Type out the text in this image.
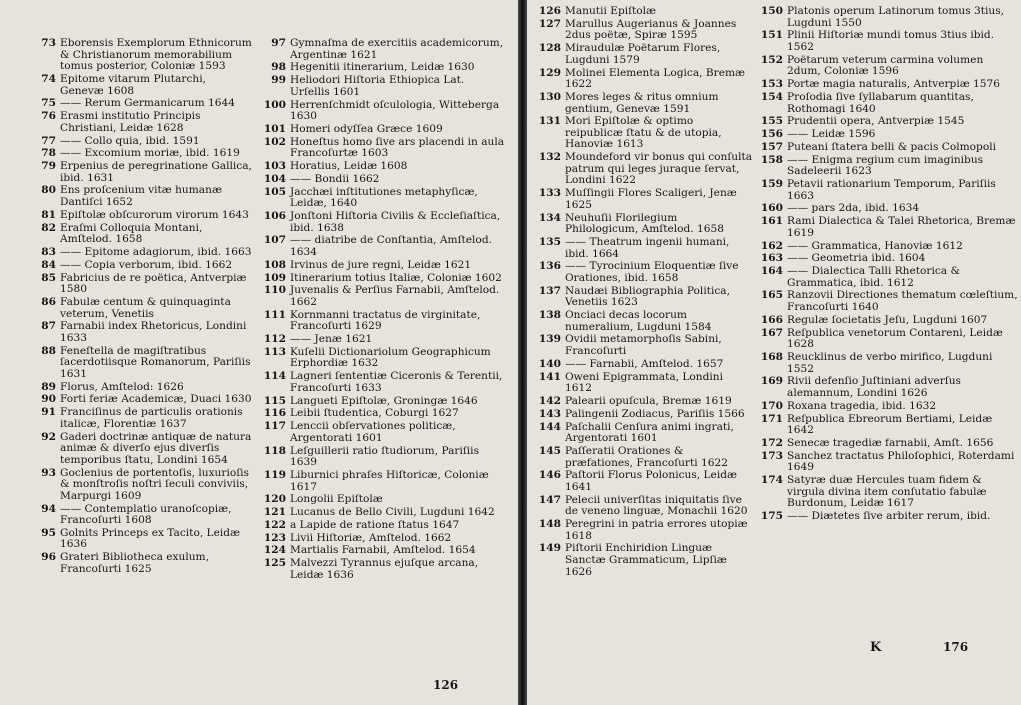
73 Eborensis Exemplorum Ethnicorum & Christianorum memorabilium tomus posterior, Coloniæ 1593
74 Epitome vitarum Plutarchi, Genevæ 1608
75 —— Rerum Germanicarum 1644
76 Erasmi institutio Principis Christiani, Leidæ 1628
77 —— Collo quia, ibid. 1591
78 —— Excomium moriæ, ibid. 1619
79 Erpenius de peregrinatione Gallica, ibid. 1631
80 Ens proſcenium vitæ humanæ Dantiſci 1652
81 Epiſtolæ obſcurorum virorum 1643
82 Eraſmi Colloquia Montani, Amſtelod. 1658
83 —— Epitome adagiorum, ibid. 1663
84 —— Copia verborum, ibid. 1662
85 Fabricius de re poëtica, Antverpiæ 1580
86 Fabulæ centum & quinquaginta veterum, Venetiis
87 Farnabii index Rhetoricus, Londini 1633
88 Feneſtella de magiſtratibus ſacerdotiisque Romanorum, Pariſiis 1631
89 Florus, Amſtelod: 1626
90 Forti feriæ Academicæ, Duaci 1630
91 Franciſinus de particulis orationis italicæ, Florentiæ 1637
92 Gaderi doctrinæ antiquæ de natura animæ & diverſo ejus diverſis temporibus ſtatu, Londini 1654
93 Goclenius de portentoſis, luxurioſis & monſtroſis noſtri ſeculi conviviis, Marpurgi 1609
94 —— Contemplatio uranoſcopiæ, Francoſurti 1608
95 Golnits Princeps ex Tacito, Leidæ 1636
96 Grateri Bibliotheca exulum, Francoſurti 1625
97 Gymnaſma de exercitiis academicorum, Argentinæ 1621
98 Hegenitii itinerarium, Leidæ 1630
99 Heliodori Hiſtoria Ethiopica Lat. Urſellis 1601
100 Herrenſchmidt oſculologia, Witteberga 1630
101 Homeri odyſſea Græce 1609
102 Honeſtus homo ſive ars placendi in aula Francoſurtæ 1603
103 Horatius, Leidæ 1608
104 —— Bondii 1662
105 Jacchæi inſtitutiones metaphyſicæ, Leidæ, 1640
106 Jonſtoni Hiſtoria Civilis & Eccleſiaſtica, ibid. 1638
107 —— diatribe de Conſtantia, Amſtelod. 1634
108 Irvinus de jure regni, Leidæ 1621
109 Itinerarium totius Italiæ, Coloniæ 1602
110 Juvenalis & Perſius Farnabii, Amſtelod. 1662
111 Kornmanni tractatus de virginitate, Francoſurti 1629
112 —— Jenæ 1621
113 Kuſelii Dictionariolum Geographicum Erphordiæ 1632
114 Lagneri ſententiæ Ciceronis & Terentii, Francoſurti 1633
115 Langueti Epiſtolæ, Groningæ 1646
116 Leibii ſtudentica, Coburgi 1627
117 Lenccii obſervationes politicæ, Argentorati 1601
118 Leſguillerii ratio ſtudiorum, Pariſiis 1639
119 Liburnici phraſes Hiſtoricæ, Coloniæ 1617
120 Longolii Epiſtolæ
121 Lucanus de Bello Civili, Lugduni 1642
122 a Lapide de ratione ſtatus 1647
123 Livii Hiſtoriæ, Amſtelod. 1662
124 Martialis Farnabii, Amſtelod. 1654
125 Malvezzi Tyrannus ejuſque arcana, Leidæ 1636
126
126 Manutii Epiſtolæ
127 Marullus Augerianus & Joannes 2dus poëtæ, Spiræ 1595
128 Miraudulæ Poëtarum Flores, Lugduni 1579
129 Molinei Elementa Logica, Bremæ 1622
130 Mores leges & ritus omnium gentium, Genevæ 1591
131 Mori Epiſtolæ & optimo reipublicæ ſtatu & de utopia, Hanoviæ 1613
132 Moundeford vir bonus qui conſulta patrum qui leges juraque ſervat, Londini 1622
133 Muſſingii Flores Scaligeri, Jenæ 1625
134 Neuhuſii Florilegium Philologicum, Amſtelod. 1658
135 —— Theatrum ingenii humani, ibid. 1664
136 —— Tyrocinium Eloquentiæ ſive Orationes, ibid. 1658
137 Naudæi Bibliographia Politica, Venetiis 1623
138 Onciaci decas locorum numeralium, Lugduni 1584
139 Ovidii metamorphoſis Sabini, Francoſurti
140 —— Farnabii, Amſtelod. 1657
141 Oweni Epigrammata, Londini 1612
142 Palearii opuſcula, Bremæ 1619
143 Palingenii Zodiacus, Pariſiis 1566
144 Paſchalii Cenſura animi ingrati, Argentorati 1601
145 Paſſeratii Orationes & præfationes, Francoſurti 1622
146 Paſtorii Florus Polonicus, Leidæ 1641
147 Pelecii univerſitas iniquitatis ſive de veneno linguæ, Monachii 1620
148 Peregrini in patria errores utopiæ 1618
149 Piſtorii Enchiridion Linguæ Sanctæ Grammaticum, Lipſiæ 1626
150 Platonis operum Latinorum tomus 3tius, Lugduni 1550
151 Plinii Hiſtoriæ mundi tomus 3tius ibid. 1562
152 Poëtarum veterum carmina volumen 2dum, Coloniæ 1596
153 Portæ magia naturalis, Antverpiæ 1576
154 Proſodia ſive ſyllabarum quantitas, Rothomagi 1640
155 Prudentii opera, Antverpiæ 1545
156 —— Leidæ 1596
157 Puteani ſtatera belli & pacis Colmopoli
158 —— Enigma regium cum imaginibus Sadeleerii 1623
159 Petavii rationarium Temporum, Pariſiis 1663
160 —— pars 2da, ibid. 1634
161 Rami Dialectica & Talei Rhetorica, Bremæ 1619
162 —— Grammatica, Hanoviæ 1612
163 —— Geometria ibid. 1604
164 —— Dialectica Talli Rhetorica & Grammatica, ibid. 1612
165 Ranzovii Directiones thematum cœleſtium, Francoſurti 1640
166 Regulæ ſocietatis Jeſu, Lugduni 1607
167 Reſpublica venetorum Contareni, Leidæ 1628
168 Reucklinus de verbo mirifico, Lugduni 1552
169 Rivii defenſio Juſtiniani adverſus alemannum, Londini 1626
170 Roxana tragedia, ibid. 1632
171 Reſpublica Ebreorum Bertiami, Leidæ 1642
172 Senecæ tragediæ farnabii, Amſt. 1656
173 Sanchez tractatus Philoſophici, Roterdami 1649
174 Satyræ duæ Hercules tuam fidem & virgula divina item conſutatio fabulæ Burdonum, Leidæ 1617
175 —— Diætetes ſive arbiter rerum, ibid.
K	176
